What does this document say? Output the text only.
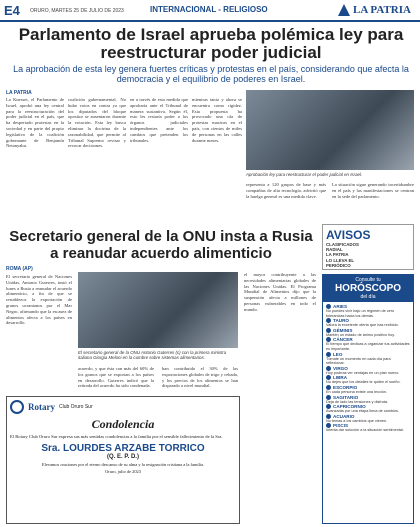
E4 ORURO, MARTES 25 DE JULIO DE 2023	INTERNACIONAL - RELIGIOSO	LA PATRIA
Parlamento de Israel aprueba polémica ley para reestructurar poder judicial
La aprobación de esta ley genera fuertes críticas y protestas en el país, considerando que afecta la democracia y el equilibrio de poderes en Israel.
LA PATRIA
La Knesset, el Parlamento de Israel, aprobó una ley central para la reestructuración del poder judicial en el país, que ha despertado protestas en la sociedad y en parte del propio legislativo de la coalición gobernante de Benjamín Netanyahu.
coalición gubernamental. No hubo votos en contra ya que los diputados del bloque opositor se ausentaron durante la votación. Esta ley busca eliminar la doctrina de la razonabilidad, que permite al Tribunal Supremo revisar y revocar decisiones.
en a través de esta medida que aprobaría ante el Tribunal de manera sustantiva. Según él, esto les restaría poder a los órganos judiciales independientes ante los cambios que pretenden los tribunales.
mientras tanto y ahora se encuentra como rigidez. Esta propuesta ha provocado una ola de protestas masivas en el país, con cientos de miles de personas en las calles durante meses.
Aprobación ley para reestructurar el poder judicial en Israel.
representa a 120 grupos de base y más compañías de alta tecnología, advirtió que la huelga general es una medida clave.
La situación sigue generando incertidumbre en el país y las manifestaciones se centran en la sede del parlamento.
AVISOS
CLASIFICADOS
RADIAL
LA PATRIA
LO LLEVA EL
PERIÓDICO
Secretario general de la ONU insta a Rusia a reanudar acuerdo alimenticio
ROMA (AP)
El secretario general de Naciones Unidas, Antonio Guterres, instó el lunes a Rusia a reanudar el acuerdo alimenticio, a fin de que se restablezca la exportación de granos ucranianos por el Mar Negro, afirmando que la escasez de alimentos afecta a los países en desarrollo.
El secretario general de la ONU Antonio Guterres (c) con la primera ministra italiana Giorgia Meloni en la cumbre sobre sistemas alimentarios.
acuerdo, y que ésta con más del 60% de los granos que se exportan a los países en desarrollo. Guterres indicó que la retirada del acuerdo ha sido condenada.
han contribuido el 30% de las exportaciones globales de trigo y cebada, y los precios de los alimentos se han disparado a nivel mundial.
el mayor contribuyente a las necesidades alimentarias globales de las Naciones Unidas. El Programa Mundial de Alimentos dijo que la suspensión afecta a millones de personas vulnerables en todo el mundo.
Rotary Club Oruro Sur
Condolencia
El Rotary Club Oruro Sur expresa sus más sentidas condolencias a la familia por el sensible fallecimiento de la Sra.
Sra. LOURDES ARZABE TORRICO
(Q. E. P. D.)
Elevamos oraciones por el eterno descanso de su alma y la resignación cristiana a la familia.
Oruro, julio de 2023
Consulte tu
HORÓSCOPO
del día
ARIES
No puedes vivir bajo un régimen de cero tolerancias hacia los demás.
TAURO
Valora la excelente oferta que has recibido.
GÉMINIS
Mantén un estado de ánimo positivo hoy.
CÁNCER
El tiempo que dedicas a organizar tus actividades es importante.
LEO
Tómate un momento en cada día para reflexionar.
VIRGO
Hoy podrías ver ventajas en un plan nuevo.
LIBRA
No dejes que los detalles te quiten el sueño.
ESCORPIO
En cada persona existe una lección.
SAGITARIO
Deja de lado las tensiones y disfruta.
CAPRICORNIO
Avanzarás por una etapa llena de cambios.
ACUARIO
No temas a los cambios que vienen.
PISCIS
Intenta dar solución a la situación sentimental.
